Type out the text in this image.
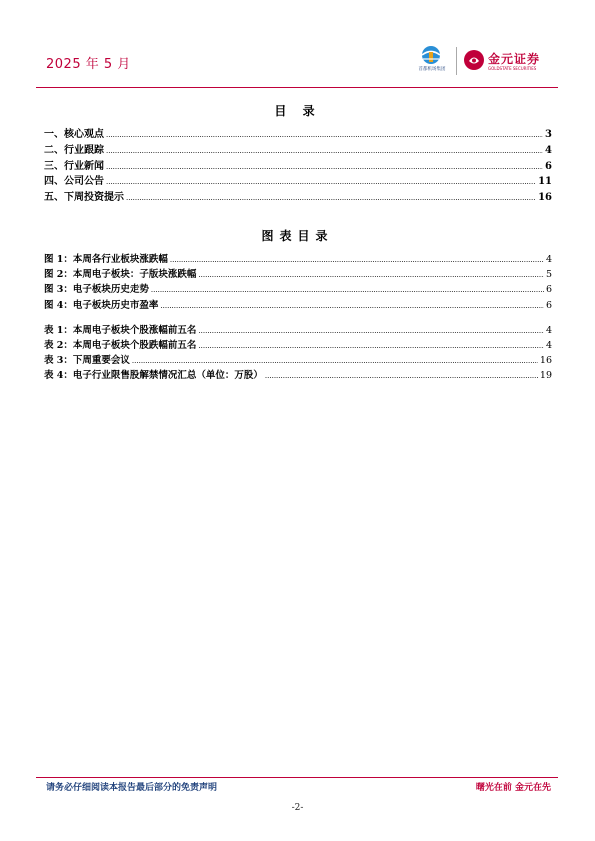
2025 年 5 月	首都机场集团
金元证券
GOLDSTATE SECURITIES
目 录
一、核心观点 .....	3
二、行业跟踪 .....	4
三、行业新闻 .....	6
四、公司公告 .....	11
五、下周投资提示 .....	16
图表目录
图 1：本周各行业板块涨跌幅 .....	4
图 2：本周电子板块：子版块涨跌幅 .....	5
图 3：电子板块历史走势 .....	6
图 4：电子板块历史市盈率 .....	6
表 1：本周电子板块个股涨幅前五名 .....	4
表 2：本周电子板块个股跌幅前五名 .....	4
表 3：下周重要会议 .....	16
表 4：电子行业限售股解禁情况汇总（单位：万股） .....	19
请务必仔细阅读本报告最后部分的免责声明	曙光在前 金元在先
-2-
